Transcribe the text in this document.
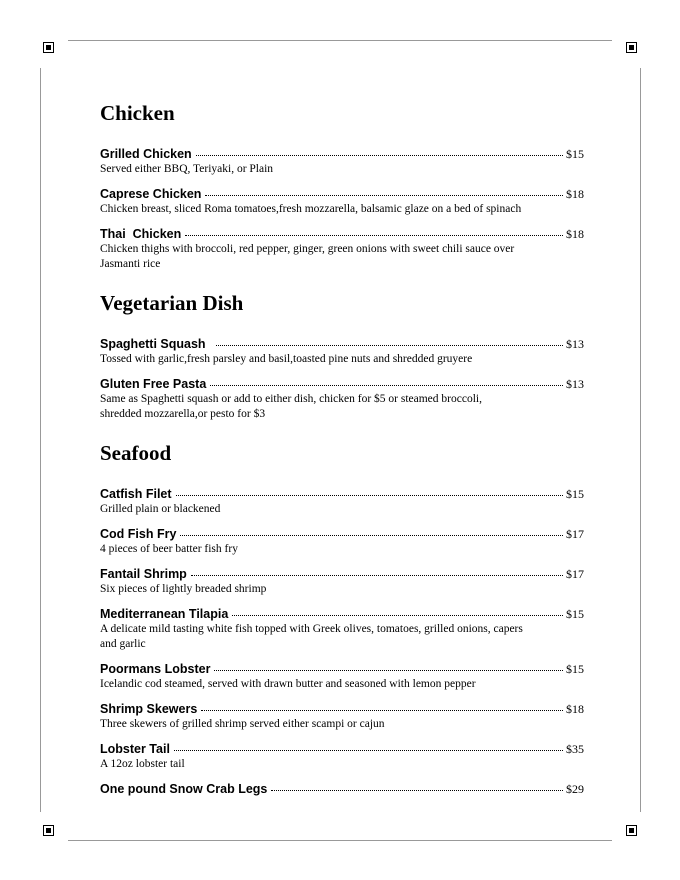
Chicken
Grilled Chicken	$15
Served either BBQ, Teriyaki, or Plain
Caprese Chicken	$18
Chicken breast, sliced Roma tomatoes,fresh mozzarella, balsamic glaze on a bed of spinach
Thai  Chicken	$18
Chicken thighs with broccoli, red pepper, ginger, green onions with sweet chili sauce over Jasmanti rice
Vegetarian Dish
Spaghetti Squash	$13
Tossed with garlic,fresh parsley and basil,toasted pine nuts and shredded gruyere
Gluten Free Pasta	$13
Same as Spaghetti squash or add to either dish, chicken for $5 or steamed broccoli, shredded mozzarella,or pesto for $3
Seafood
Catfish Filet	$15
Grilled plain or blackened
Cod Fish Fry	$17
4 pieces of beer batter fish fry
Fantail Shrimp	$17
Six pieces of lightly breaded shrimp
Mediterranean Tilapia	$15
A delicate mild tasting white fish topped with Greek olives, tomatoes, grilled onions, capers and garlic
Poormans Lobster	$15
Icelandic cod steamed, served with drawn butter and seasoned with lemon pepper
Shrimp Skewers	$18
Three skewers of grilled shrimp served either scampi or cajun
Lobster Tail	$35
A 12oz lobster tail
One pound Snow Crab Legs	$29
